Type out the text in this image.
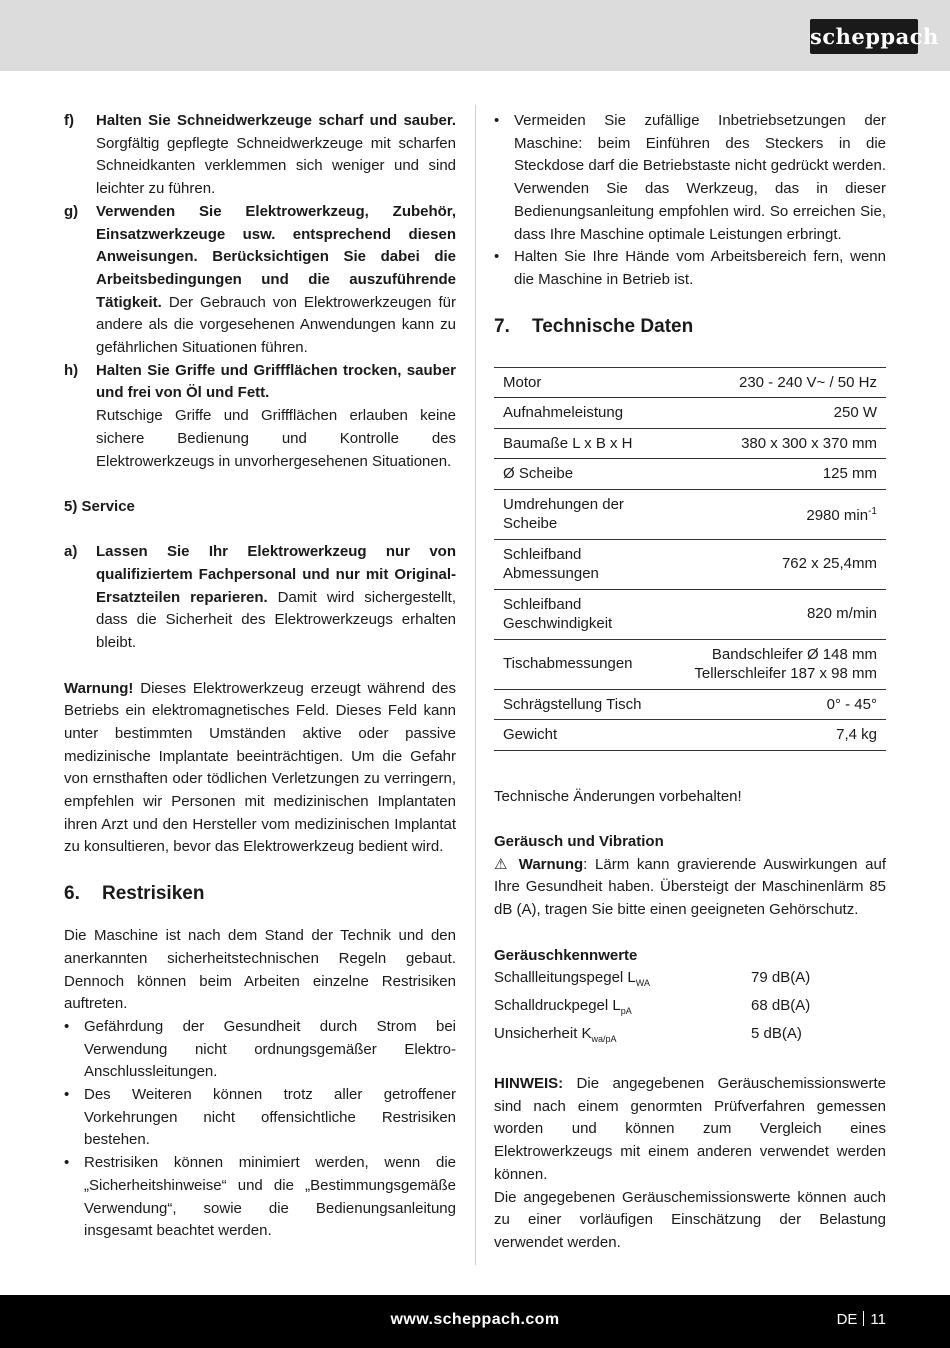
scheppach
f) Halten Sie Schneidwerkzeuge scharf und sauber. Sorgfältig gepflegte Schneidwerkzeuge mit scharfen Schneidkanten verklemmen sich weniger und sind leichter zu führen.
g) Verwenden Sie Elektrowerkzeug, Zubehör, Einsatzwerkzeuge usw. entsprechend diesen Anweisungen. Berücksichtigen Sie dabei die Arbeitsbedingungen und die auszuführende Tätigkeit. Der Gebrauch von Elektrowerkzeugen für andere als die vorgesehenen Anwendungen kann zu gefährlichen Situationen führen.
h) Halten Sie Griffe und Griffflächen trocken, sauber und frei von Öl und Fett.
Rutschige Griffe und Griffflächen erlauben keine sichere Bedienung und Kontrolle des Elektrowerkzeugs in unvorhergesehenen Situationen.

5) Service

a) Lassen Sie Ihr Elektrowerkzeug nur von qualifiziertem Fachpersonal und nur mit Original-Ersatzteilen reparieren. Damit wird sichergestellt, dass die Sicherheit des Elektrowerkzeugs erhalten bleibt.

Warnung! Dieses Elektrowerkzeug erzeugt während des Betriebs ein elektromagnetisches Feld. Dieses Feld kann unter bestimmten Umständen aktive oder passive medizinische Implantate beeinträchtigen. Um die Gefahr von ernsthaften oder tödlichen Verletzungen zu verringern, empfehlen wir Personen mit medizinischen Implantaten ihren Arzt und den Hersteller vom medizinischen Implantat zu konsultieren, bevor das Elektrowerkzeug bedient wird.

6. Restrisiken

Die Maschine ist nach dem Stand der Technik und den anerkannten sicherheitstechnischen Regeln gebaut. Dennoch können beim Arbeiten einzelne Restrisiken auftreten.

• Gefährdung der Gesundheit durch Strom bei Verwendung nicht ordnungsgemäßer Elektro-Anschlussleitungen.
• Des Weiteren können trotz aller getroffener Vorkehrungen nicht offensichtliche Restrisiken bestehen.
• Restrisiken können minimiert werden, wenn die „Sicherheitshinweise“ und die „Bestimmungsgemäße Verwendung“, sowie die Bedienungsanleitung insgesamt beachtet werden.
• Vermeiden Sie zufällige Inbetriebsetzungen der Maschine: beim Einführen des Steckers in die Steckdose darf die Betriebstaste nicht gedrückt werden. Verwenden Sie das Werkzeug, das in dieser Bedienungsanleitung empfohlen wird. So erreichen Sie, dass Ihre Maschine optimale Leistungen erbringt.
• Halten Sie Ihre Hände vom Arbeitsbereich fern, wenn die Maschine in Betrieb ist.
7. Technische Daten
Motor	230 - 240 V~ / 50 Hz
Aufnahmeleistung	250 W
Baumaße L x B x H	380 x 300 x 370 mm
Ø Scheibe	125 mm
Umdrehungen der Scheibe	2980 $\min^{-1}$
Schleifband Abmessungen	762 x 25,4mm
Schleifband Geschwindigkeit	820 m/min
Tischabmessungen	Bandschleifer Ø 148 mm
Tellerschleifer 187 x 98 mm
Schrägstellung Tisch	0° - 45°
Gewicht	7,4 kg

Technische Änderungen vorbehalten!

Geräusch und Vibration

⚠ Warnung: Lärm kann gravierende Auswirkungen auf Ihre Gesundheit haben. Übersteigt der Maschinenlärm 85 dB (A), tragen Sie bitte einen geeigneten Gehörschutz.

Geräuschkennwerte

Schallleitungspegel $L_{WA}$	79 dB(A)
Schalldruckpegel $L_{pA}$	68 dB(A)
Unsicherheit $K_{wa/pA}$	5 dB(A)

HINWEIS: Die angegebenen Geräuschemissionswerte sind nach einem genormten Prüfverfahren gemessen worden und können zum Vergleich eines Elektrowerkzeugs mit einem anderen verwendet werden können.

Die angegebenen Geräuschemissionswerte können auch zu einer vorläufigen Einschätzung der Belastung verwendet werden.

www.scheppach.com	DE 11
